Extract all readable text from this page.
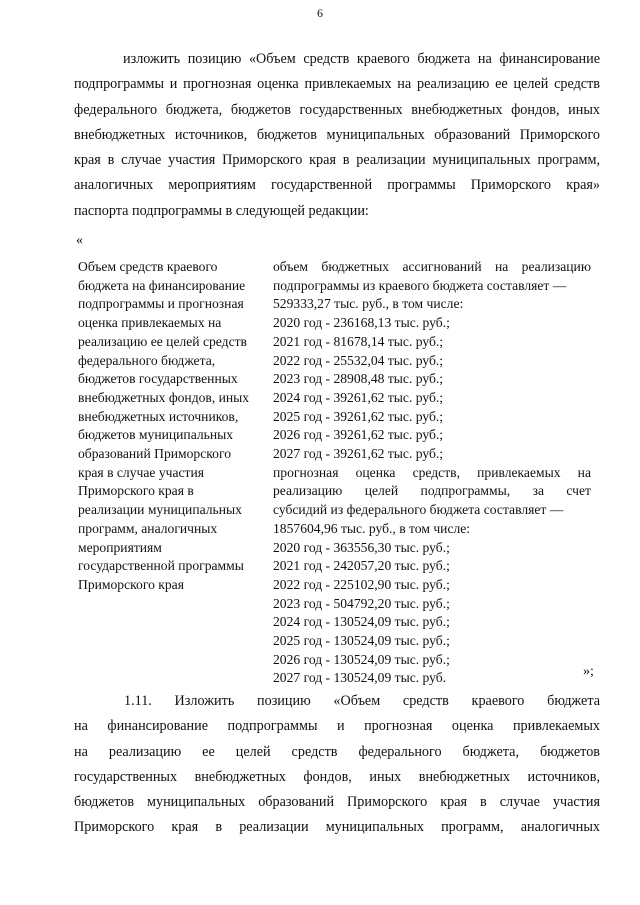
6
изложить позицию «Объем средств краевого бюджета на финансирование
подпрограммы и прогнозная оценка привлекаемых на реализацию ее целей средств
федерального бюджета, бюджетов государственных внебюджетных фондов, иных
внебюджетных источников, бюджетов муниципальных образований Приморского
края в случае участия Приморского края в реализации муниципальных программ,
аналогичных мероприятиям государственной программы Приморского края»
паспорта подпрограммы в следующей редакции:
«
Объем средств краевого
бюджета на финансирование
подпрограммы и прогнозная
оценка привлекаемых на
реализацию ее целей средств
федерального бюджета,
бюджетов государственных
внебюджетных фондов, иных
внебюджетных источников,
бюджетов муниципальных
образований Приморского
края в случае участия
Приморского края в
реализации муниципальных
программ, аналогичных
мероприятиям
государственной программы
Приморского края
объем бюджетных ассигнований на реализацию
подпрограммы из краевого бюджета составляет —
529333,27 тыс. руб., в том числе:
2020 год - 236168,13 тыс. руб.;
2021 год - 81678,14 тыс. руб.;
2022 год - 25532,04 тыс. руб.;
2023 год - 28908,48 тыс. руб.;
2024 год - 39261,62 тыс. руб.;
2025 год - 39261,62 тыс. руб.;
2026 год - 39261,62 тыс. руб.;
2027 год - 39261,62 тыс. руб.;
прогнозная оценка средств, привлекаемых на
реализацию целей подпрограммы, за счет
субсидий из федерального бюджета составляет —
1857604,96 тыс. руб., в том числе:
2020 год - 363556,30 тыс. руб.;
2021 год - 242057,20 тыс. руб.;
2022 год - 225102,90 тыс. руб.;
2023 год - 504792,20 тыс. руб.;
2024 год - 130524,09 тыс. руб.;
2025 год - 130524,09 тыс. руб.;
2026 год - 130524,09 тыс. руб.;
2027 год - 130524,09 тыс. руб.	»;
1.11. Изложить позицию «Объем средств краевого бюджета
на финансирование подпрограммы и прогнозная оценка привлекаемых
на реализацию ее целей средств федерального бюджета, бюджетов
государственных внебюджетных фондов, иных внебюджетных источников,
бюджетов муниципальных образований Приморского края в случае участия
Приморского края в реализации муниципальных программ, аналогичных
